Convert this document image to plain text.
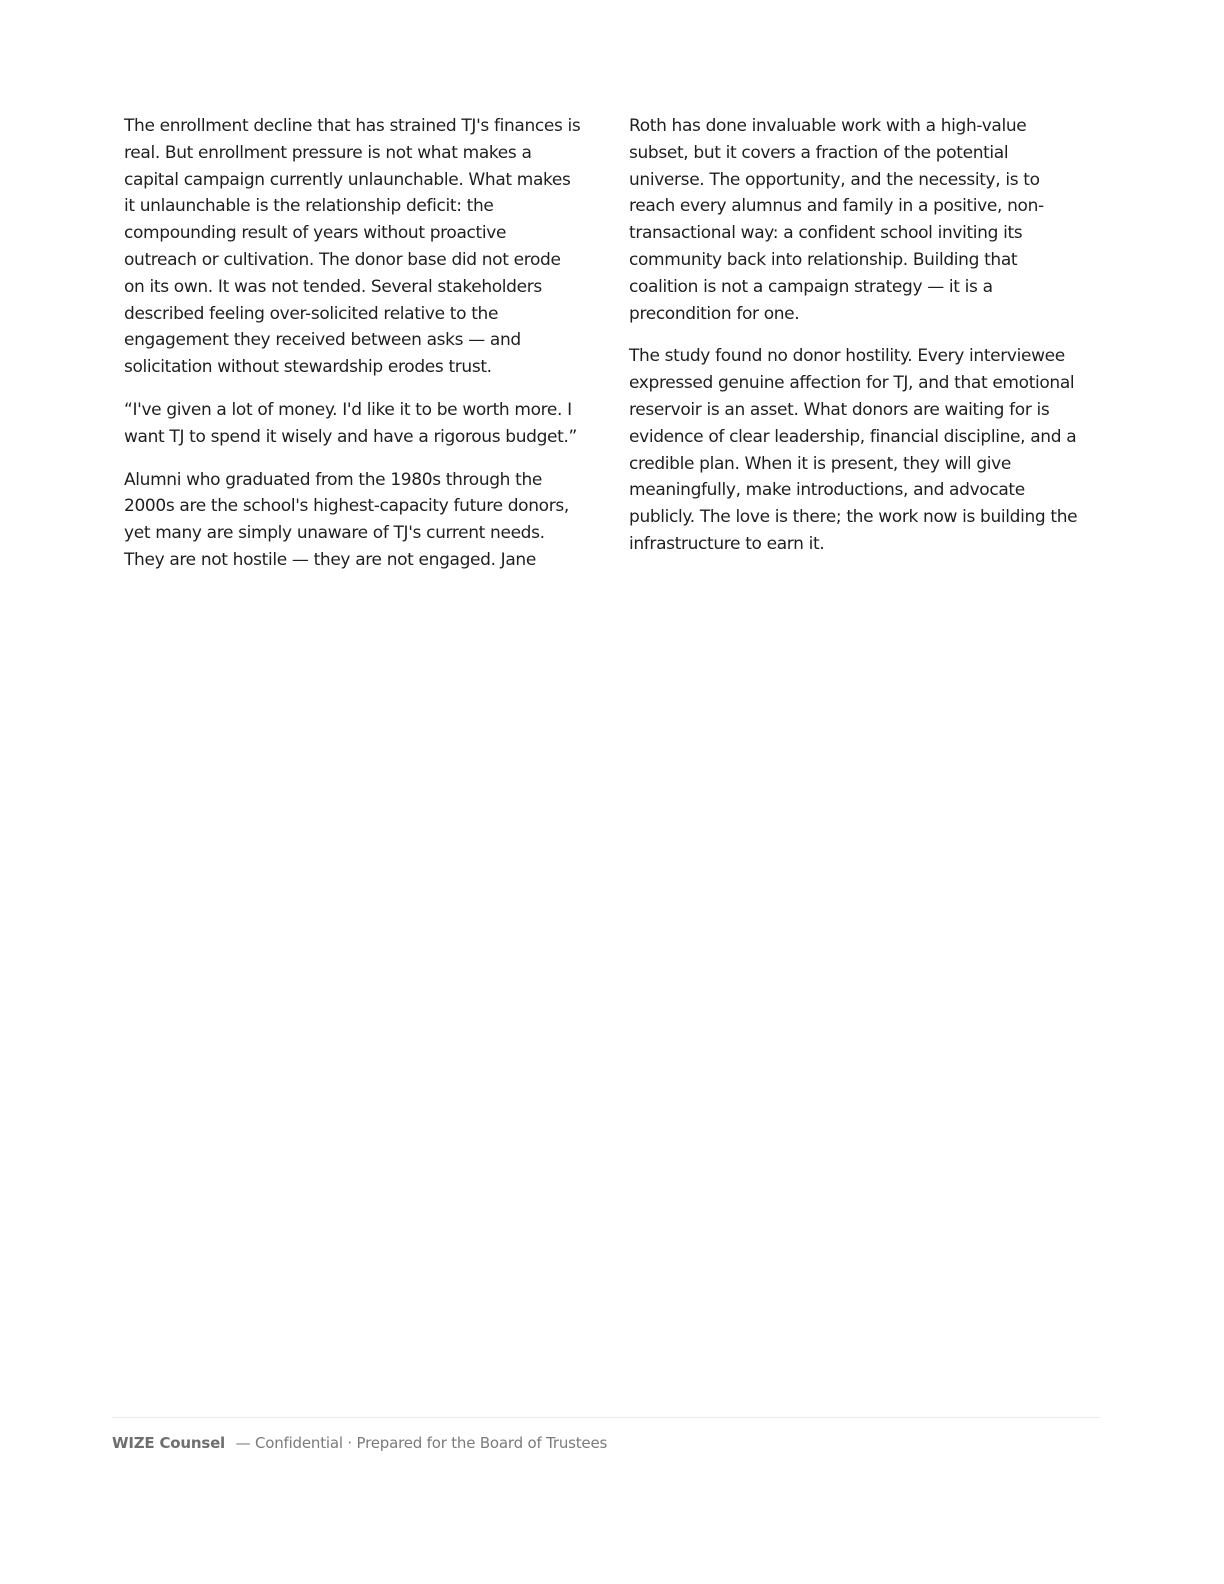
The enrollment decline that has strained TJ's finances is real. But enrollment pressure is not what makes a capital campaign currently unlaunchable. What makes it unlaunchable is the relationship deficit: the compounding result of years without proactive outreach or cultivation. The donor base did not erode on its own. It was not tended. Several stakeholders described feeling over-solicited relative to the engagement they received between asks — and solicitation without stewardship erodes trust.

“I've given a lot of money. I'd like it to be worth more. I want TJ to spend it wisely and have a rigorous budget.”

Alumni who graduated from the 1980s through the 2000s are the school's highest-capacity future donors, yet many are simply unaware of TJ's current needs. They are not hostile — they are not engaged. Jane

Roth has done invaluable work with a high-value subset, but it covers a fraction of the potential universe. The opportunity, and the necessity, is to reach every alumnus and family in a positive, non-transactional way: a confident school inviting its community back into relationship. Building that coalition is not a campaign strategy — it is a precondition for one.

The study found no donor hostility. Every interviewee expressed genuine affection for TJ, and that emotional reservoir is an asset. What donors are waiting for is evidence of clear leadership, financial discipline, and a credible plan. When it is present, they will give meaningfully, make introductions, and advocate publicly. The love is there; the work now is building the infrastructure to earn it.

WIZE Counsel — Confidential · Prepared for the Board of Trustees
